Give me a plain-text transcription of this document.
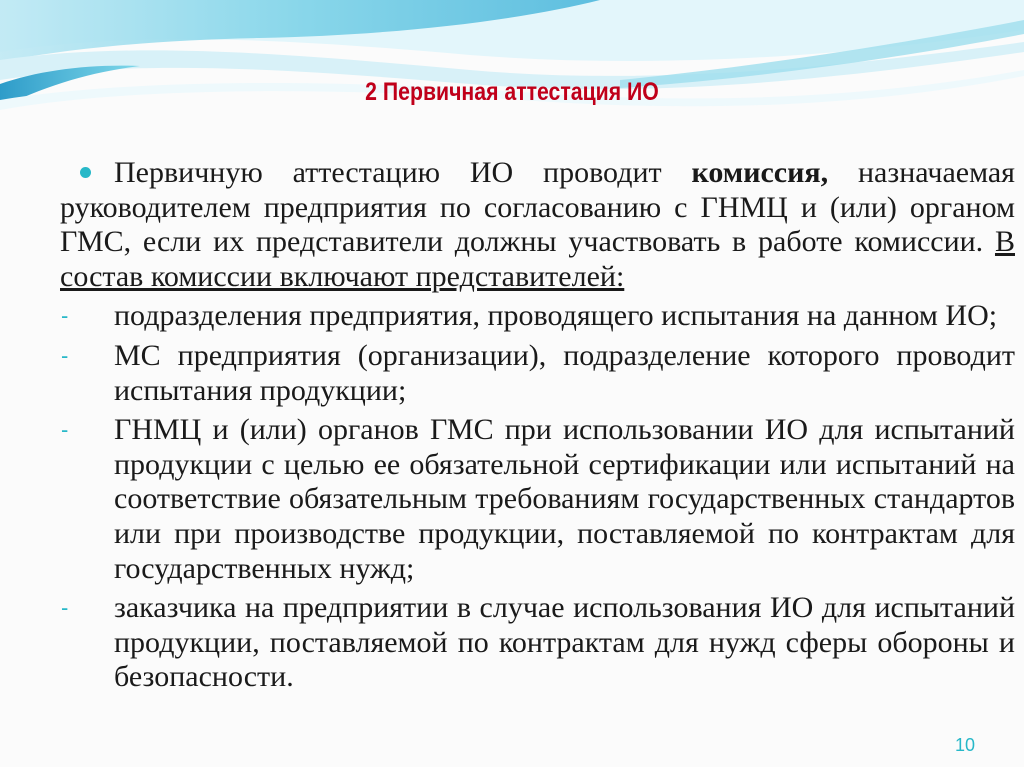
2 Первичная аттестация ИО
Первичную аттестацию ИО проводит комиссия, назначаемая руководителем предприятия по согласованию с ГНМЦ и (или) органом ГМС, если их представители должны участвовать в работе комиссии. В состав комиссии включают представителей:
- подразделения предприятия, проводящего испытания на данном ИО;
- МС предприятия (организации), подразделение которого проводит испытания продукции;
- ГНМЦ и (или) органов ГМС при использовании ИО для испытаний продукции с целью ее обязательной сертификации или испытаний на соответствие обязательным требованиям государственных стандартов или при производстве продукции, поставляемой по контрактам для государственных нужд;
- заказчика на предприятии в случае использования ИО для испытаний продукции, поставляемой по контрактам для нужд сферы обороны и безопасности.
10
